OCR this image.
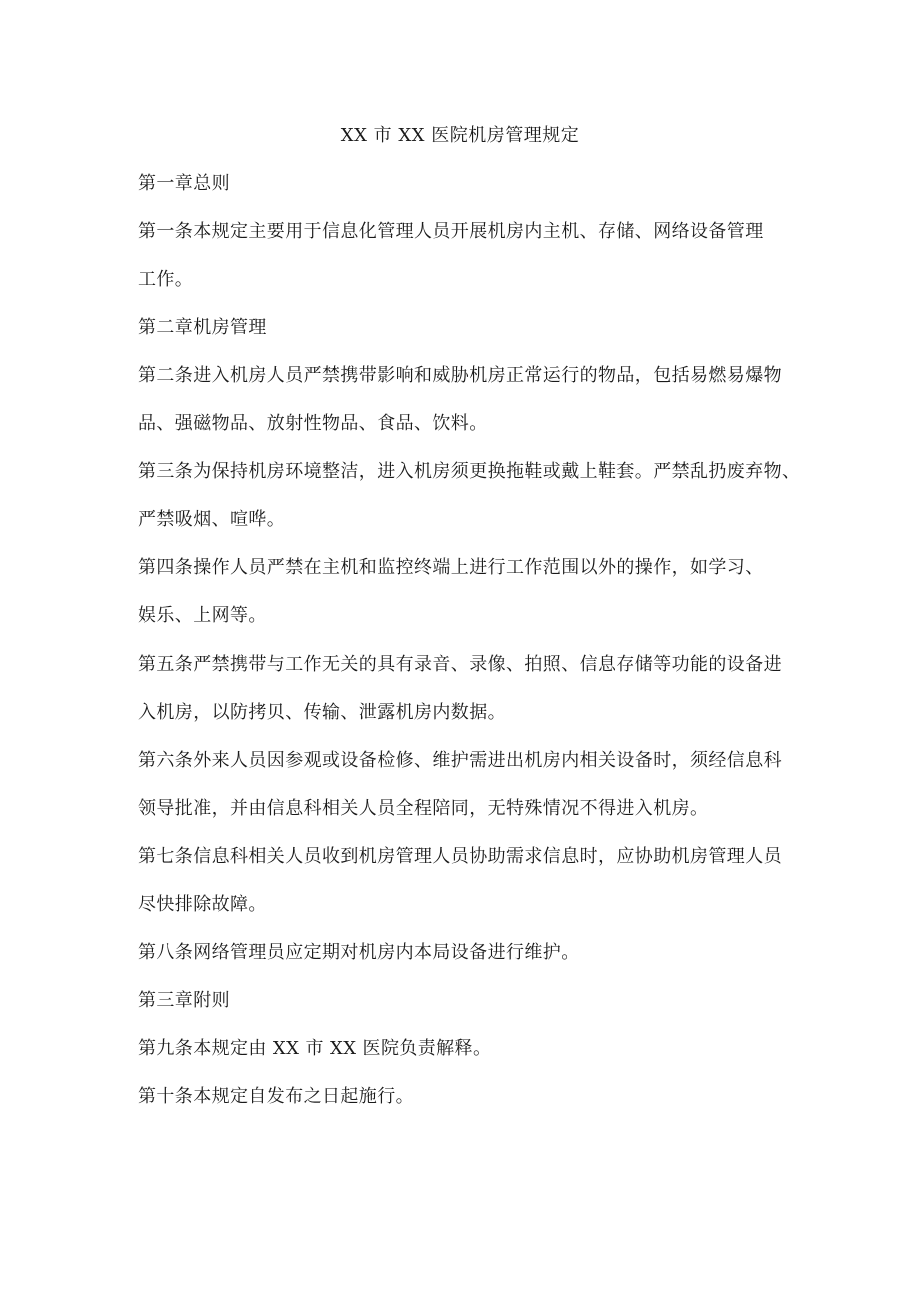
XX 市 XX 医院机房管理规定
第一章总则
第一条本规定主要用于信息化管理人员开展机房内主机、存储、网络设备管理
工作。
第二章机房管理
第二条进入机房人员严禁携带影响和威胁机房正常运行的物品，包括易燃易爆物
品、强磁物品、放射性物品、食品、饮料。
第三条为保持机房环境整洁，进入机房须更换拖鞋或戴上鞋套。严禁乱扔废弃物、
严禁吸烟、喧哗。
第四条操作人员严禁在主机和监控终端上进行工作范围以外的操作，如学习、
娱乐、上网等。
第五条严禁携带与工作无关的具有录音、录像、拍照、信息存储等功能的设备进
入机房，以防拷贝、传输、泄露机房内数据。
第六条外来人员因参观或设备检修、维护需进出机房内相关设备时，须经信息科
领导批准，并由信息科相关人员全程陪同，无特殊情况不得进入机房。
第七条信息科相关人员收到机房管理人员协助需求信息时，应协助机房管理人员
尽快排除故障。
第八条网络管理员应定期对机房内本局设备进行维护。
第三章附则
第九条本规定由 XX 市 XX 医院负责解释。
第十条本规定自发布之日起施行。
